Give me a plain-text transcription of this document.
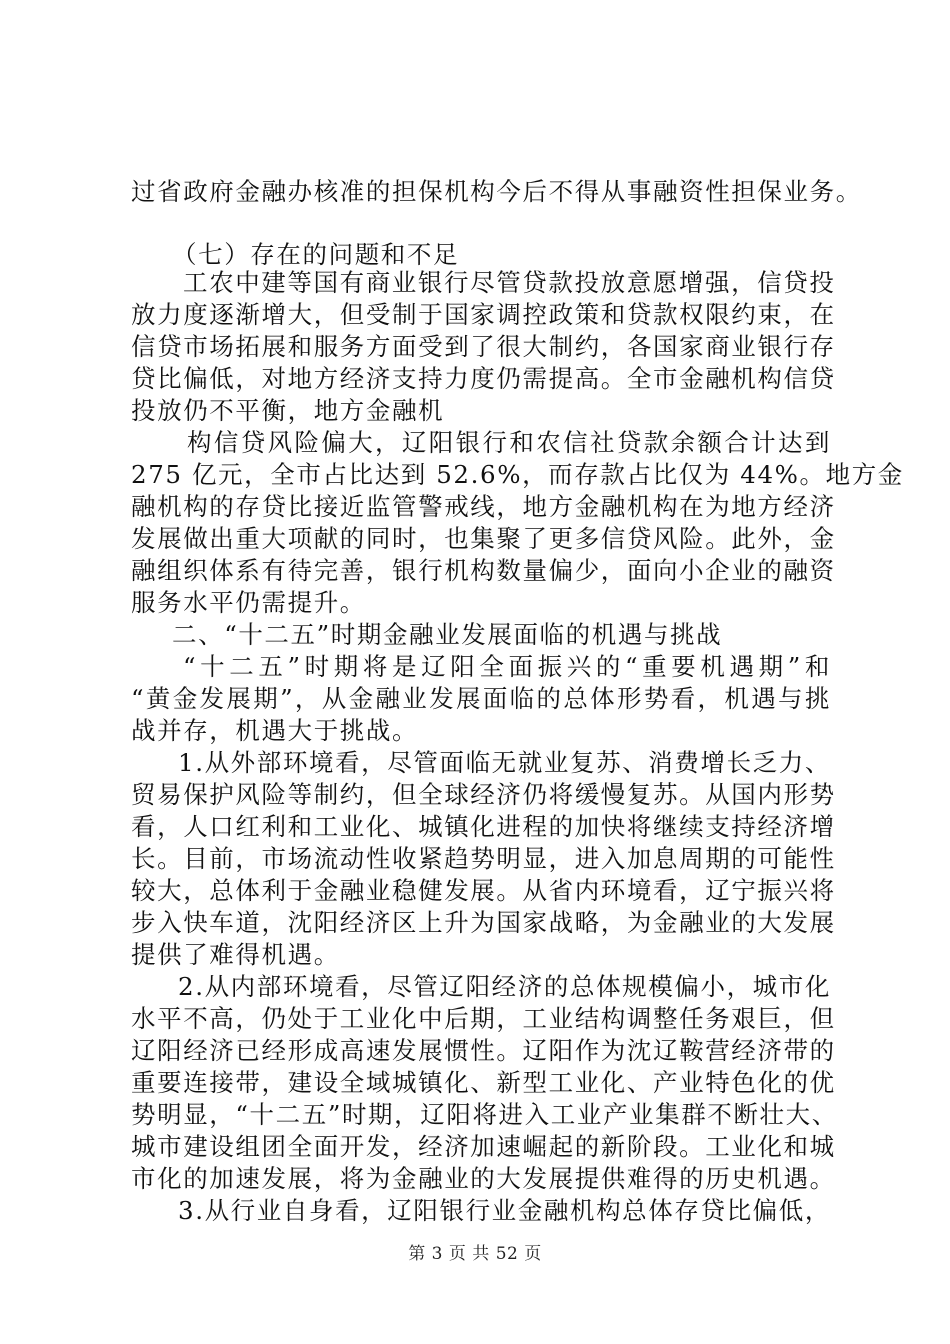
过省政府金融办核准的担保机构今后不得从事融资性担保业务。
（七）存在的问题和不足
工农中建等国有商业银行尽管贷款投放意愿增强，信贷投
放力度逐渐增大，但受制于国家调控政策和贷款权限约束，在
信贷市场拓展和服务方面受到了很大制约，各国家商业银行存
贷比偏低，对地方经济支持力度仍需提高。全市金融机构信贷
投放仍不平衡，地方金融机
构信贷风险偏大，辽阳银行和农信社贷款余额合计达到
275 亿元，全市占比达到 52.6%，而存款占比仅为 44%。地方金
融机构的存贷比接近监管警戒线，地方金融机构在为地方经济
发展做出重大项献的同时，也集聚了更多信贷风险。此外，金
融组织体系有待完善，银行机构数量偏少，面向小企业的融资
服务水平仍需提升。
二、“十二五”时期金融业发展面临的机遇与挑战
“十二五”时期将是辽阳全面振兴的“重要机遇期”和
“黄金发展期”，从金融业发展面临的总体形势看，机遇与挑
战并存，机遇大于挑战。
1.从外部环境看，尽管面临无就业复苏、消费增长乏力、
贸易保护风险等制约，但全球经济仍将缓慢复苏。从国内形势
看，人口红利和工业化、城镇化进程的加快将继续支持经济增
长。目前，市场流动性收紧趋势明显，进入加息周期的可能性
较大，总体利于金融业稳健发展。从省内环境看，辽宁振兴将
步入快车道，沈阳经济区上升为国家战略，为金融业的大发展
提供了难得机遇。
2.从内部环境看，尽管辽阳经济的总体规模偏小，城市化
水平不高，仍处于工业化中后期，工业结构调整任务艰巨，但
辽阳经济已经形成高速发展惯性。辽阳作为沈辽鞍营经济带的
重要连接带，建设全域城镇化、新型工业化、产业特色化的优
势明显，“十二五”时期，辽阳将进入工业产业集群不断壮大、
城市建设组团全面开发，经济加速崛起的新阶段。工业化和城
市化的加速发展，将为金融业的大发展提供难得的历史机遇。
3.从行业自身看，辽阳银行业金融机构总体存贷比偏低，
第 3 页 共 52 页
